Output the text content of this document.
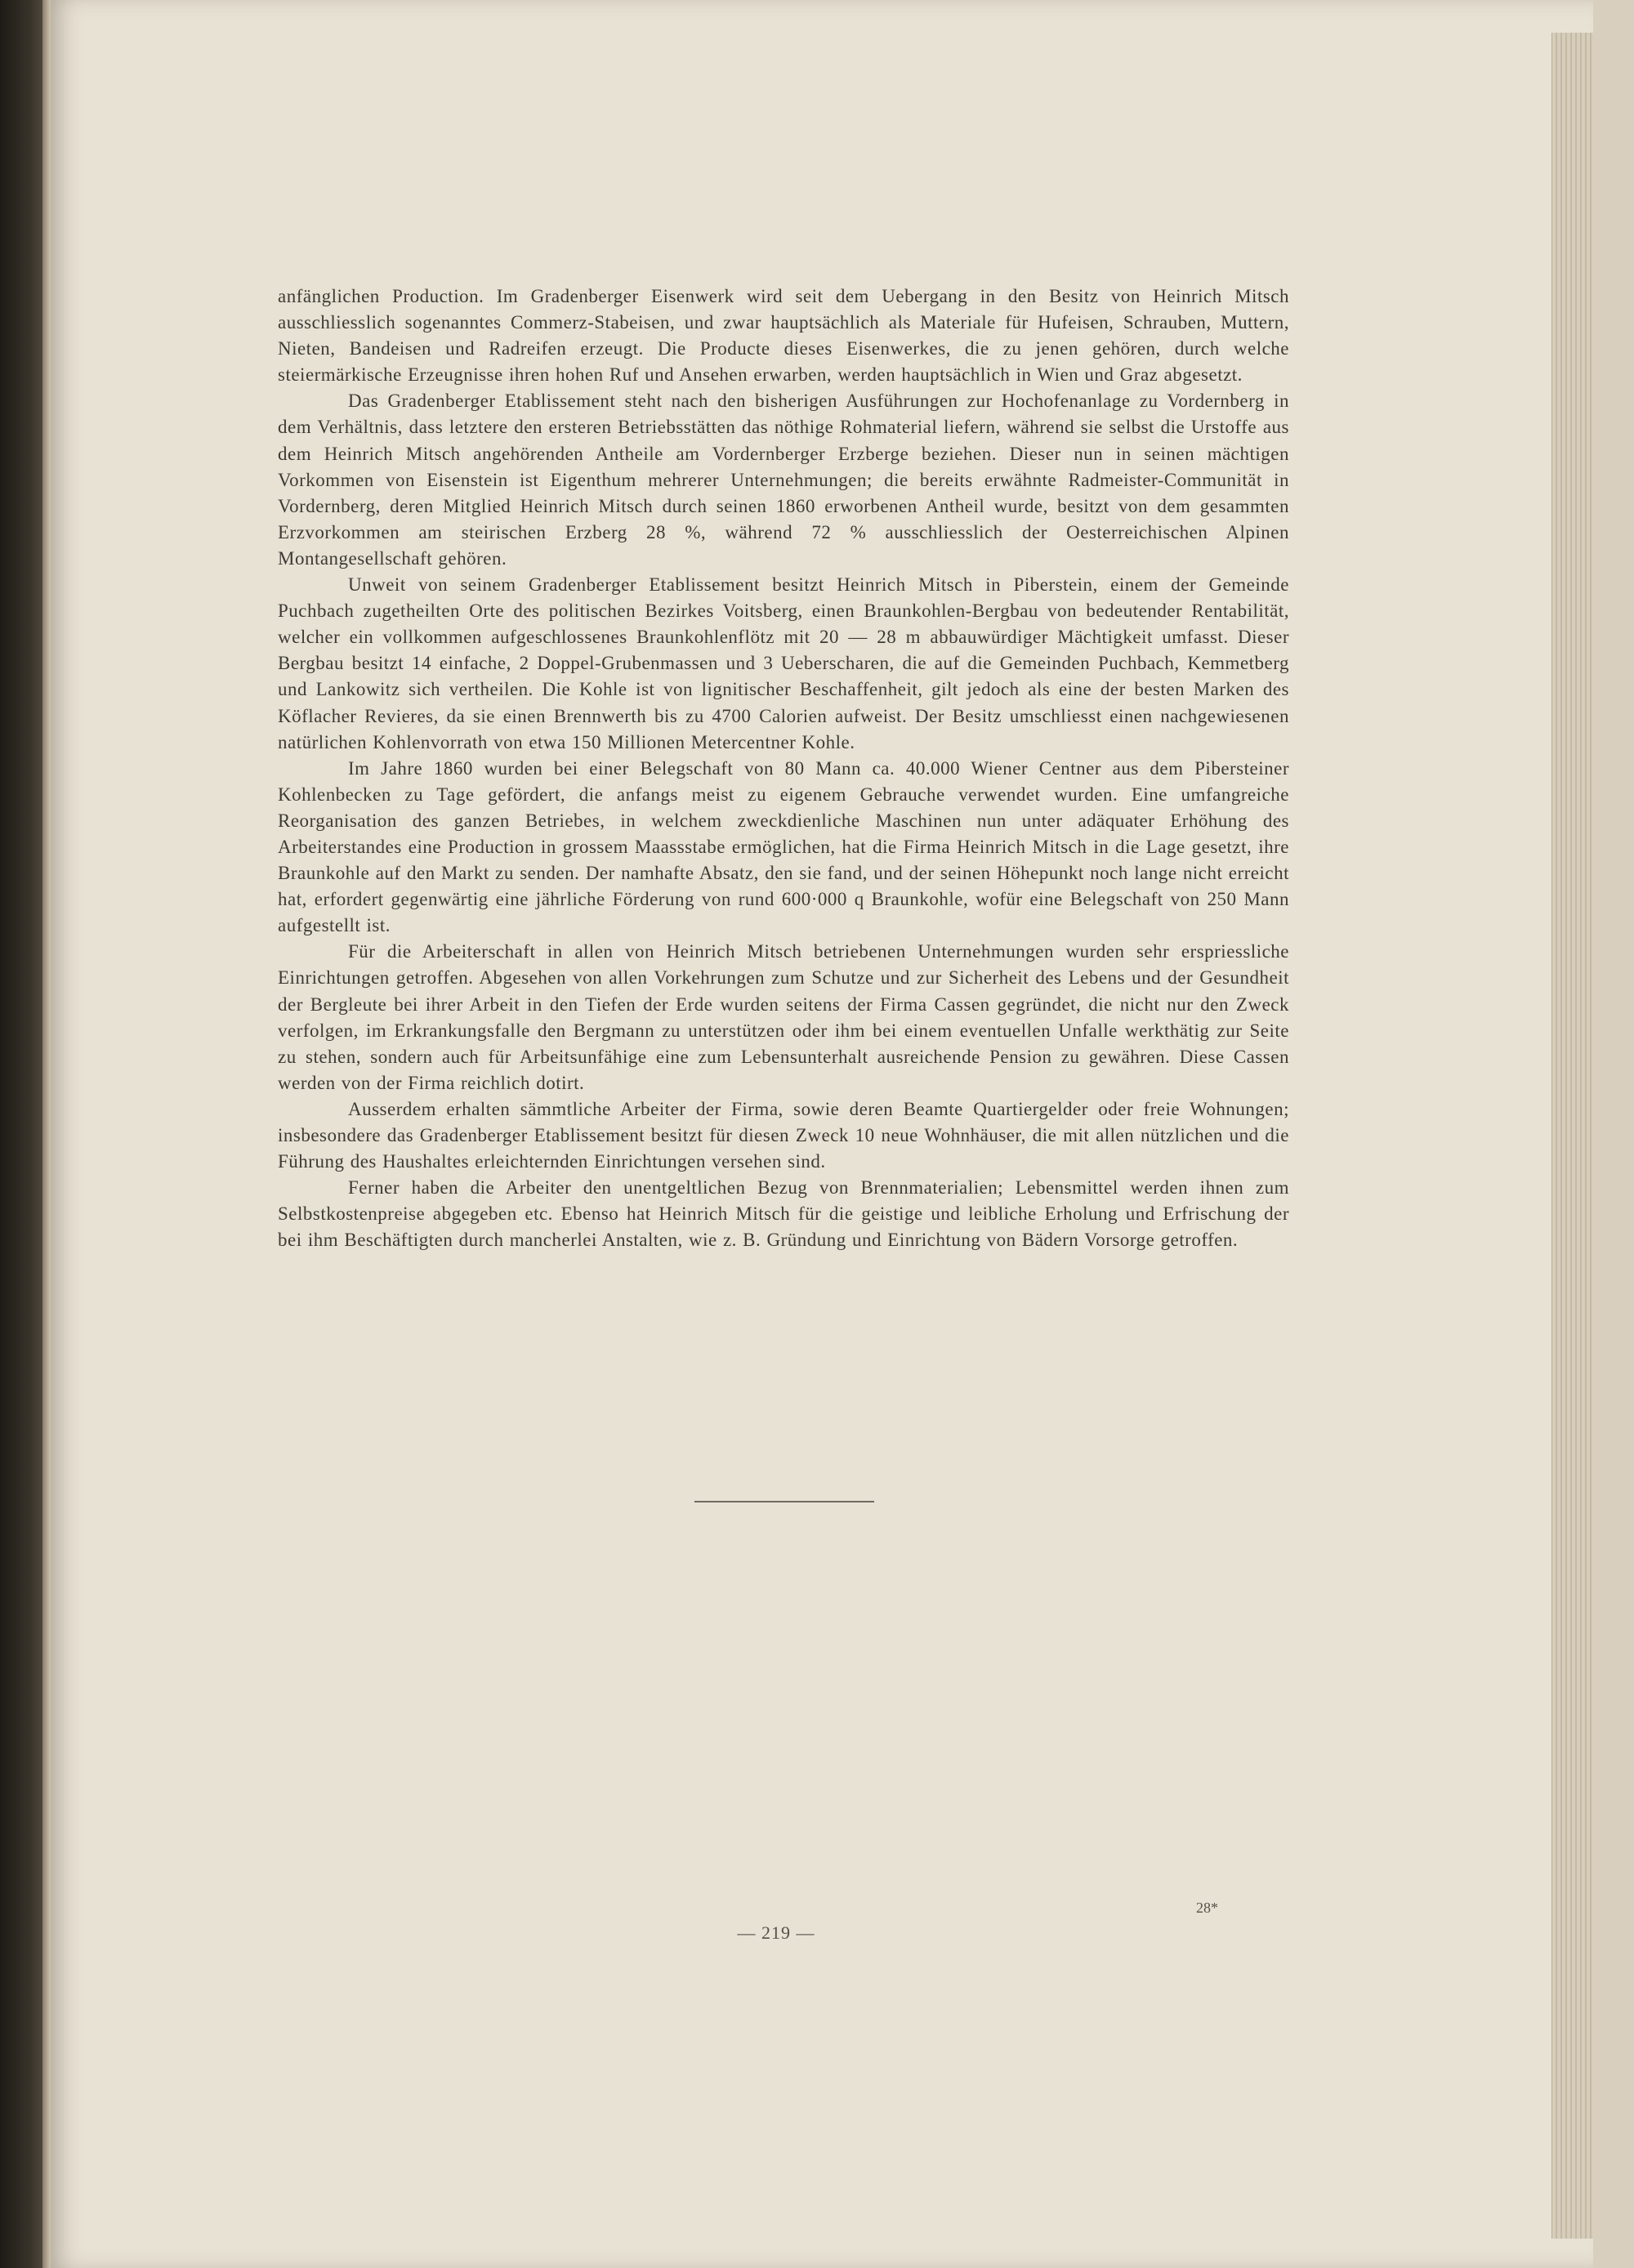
anfänglichen Production. Im Gradenberger Eisenwerk wird seit dem Uebergang in den Besitz von Heinrich Mitsch ausschliesslich sogenanntes Commerz-Stabeisen, und zwar hauptsächlich als Materiale für Hufeisen, Schrauben, Muttern, Nieten, Bandeisen und Radreifen erzeugt. Die Producte dieses Eisenwerkes, die zu jenen gehören, durch welche steiermärkische Erzeugnisse ihren hohen Ruf und Ansehen erwarben, werden hauptsächlich in Wien und Graz abgesetzt.

Das Gradenberger Etablissement steht nach den bisherigen Ausführungen zur Hochofenanlage zu Vordernberg in dem Verhältnis, dass letztere den ersteren Betriebsstätten das nöthige Rohmaterial liefern, während sie selbst die Urstoffe aus dem Heinrich Mitsch angehörenden Antheile am Vordernberger Erzberge beziehen. Dieser nun in seinen mächtigen Vorkommen von Eisenstein ist Eigenthum mehrerer Unternehmungen; die bereits erwähnte Radmeister-Communität in Vordernberg, deren Mitglied Heinrich Mitsch durch seinen 1860 erworbenen Antheil wurde, besitzt von dem gesammten Erzvorkommen am steirischen Erzberg 28 %, während 72 % ausschliesslich der Oesterreichischen Alpinen Montangesellschaft gehören.

Unweit von seinem Gradenberger Etablissement besitzt Heinrich Mitsch in Piberstein, einem der Gemeinde Puchbach zugetheilten Orte des politischen Bezirkes Voitsberg, einen Braunkohlen-Bergbau von bedeutender Rentabilität, welcher ein vollkommen aufgeschlossenes Braunkohlenflötz mit 20 — 28 m abbauwürdiger Mächtigkeit umfasst. Dieser Bergbau besitzt 14 einfache, 2 Doppel-Grubenmassen und 3 Ueberscharen, die auf die Gemeinden Puchbach, Kemmetberg und Lankowitz sich vertheilen. Die Kohle ist von lignitischer Beschaffenheit, gilt jedoch als eine der besten Marken des Köflacher Revieres, da sie einen Brennwerth bis zu 4700 Calorien aufweist. Der Besitz umschliesst einen nachgewiesenen natürlichen Kohlenvorrath von etwa 150 Millionen Metercentner Kohle.

Im Jahre 1860 wurden bei einer Belegschaft von 80 Mann ca. 40.000 Wiener Centner aus dem Pibersteiner Kohlenbecken zu Tage gefördert, die anfangs meist zu eigenem Gebrauche verwendet wurden. Eine umfangreiche Reorganisation des ganzen Betriebes, in welchem zweckdienliche Maschinen nun unter adäquater Erhöhung des Arbeiterstandes eine Production in grossem Maassstabe ermöglichen, hat die Firma Heinrich Mitsch in die Lage gesetzt, ihre Braunkohle auf den Markt zu senden. Der namhafte Absatz, den sie fand, und der seinen Höhepunkt noch lange nicht erreicht hat, erfordert gegenwärtig eine jährliche Förderung von rund 600·000 q Braunkohle, wofür eine Belegschaft von 250 Mann aufgestellt ist.

Für die Arbeiterschaft in allen von Heinrich Mitsch betriebenen Unternehmungen wurden sehr erspriessliche Einrichtungen getroffen. Abgesehen von allen Vorkehrungen zum Schutze und zur Sicherheit des Lebens und der Gesundheit der Bergleute bei ihrer Arbeit in den Tiefen der Erde wurden seitens der Firma Cassen gegründet, die nicht nur den Zweck verfolgen, im Erkrankungsfalle den Bergmann zu unterstützen oder ihm bei einem eventuellen Unfalle werkthätig zur Seite zu stehen, sondern auch für Arbeitsunfähige eine zum Lebensunterhalt ausreichende Pension zu gewähren. Diese Cassen werden von der Firma reichlich dotirt.

Ausserdem erhalten sämmtliche Arbeiter der Firma, sowie deren Beamte Quartiergelder oder freie Wohnungen; insbesondere das Gradenberger Etablissement besitzt für diesen Zweck 10 neue Wohnhäuser, die mit allen nützlichen und die Führung des Haushaltes erleichternden Einrichtungen versehen sind.

Ferner haben die Arbeiter den unentgeltlichen Bezug von Brennmaterialien; Lebensmittel werden ihnen zum Selbstkostenpreise abgegeben etc. Ebenso hat Heinrich Mitsch für die geistige und leibliche Erholung und Erfrischung der bei ihm Beschäftigten durch mancherlei Anstalten, wie z. B. Gründung und Einrichtung von Bädern Vorsorge getroffen.

— 219 —
28*
